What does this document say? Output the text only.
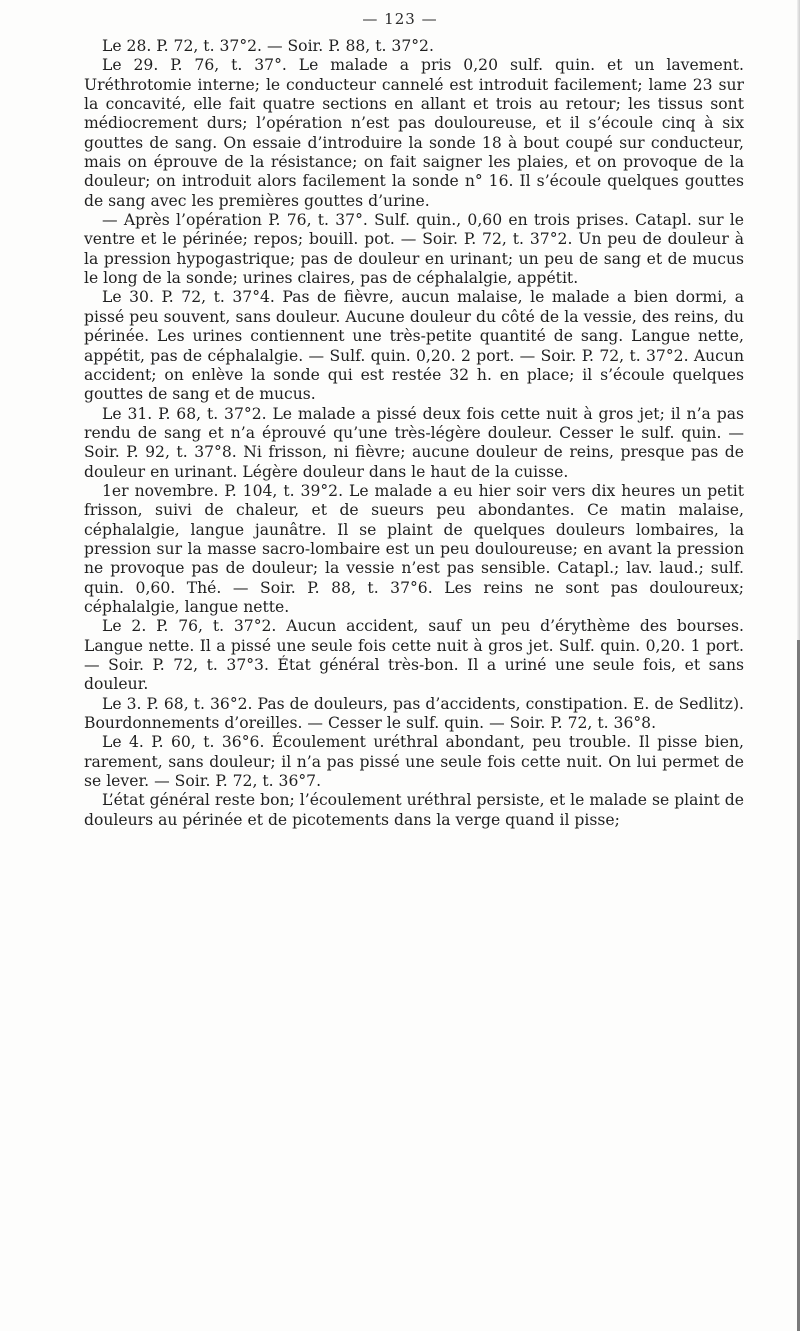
— 123 —

Le 28. P. 72, t. 37°2. — Soir. P. 88, t. 37°2.

Le 29. P. 76, t. 37°. Le malade a pris 0,20 sulf. quin. et un lavement. Uréthrotomie interne; le conducteur cannelé est introduit facilement; lame 23 sur la concavité, elle fait quatre sections en allant et trois au retour; les tissus sont médiocrement durs; l’opération n’est pas douloureuse, et il s’écoule cinq à six gouttes de sang. On essaie d’introduire la sonde 18 à bout coupé sur conducteur, mais on éprouve de la résistance; on fait saigner les plaies, et on provoque de la douleur; on introduit alors facilement la sonde n° 16. Il s’écoule quelques gouttes de sang avec les premières gouttes d’urine.

— Après l’opération P. 76, t. 37°. Sulf. quin., 0,60 en trois prises. Catapl. sur le ventre et le périnée; repos; bouill. pot. — Soir. P. 72, t. 37°2. Un peu de douleur à la pression hypogastrique; pas de douleur en urinant; un peu de sang et de mucus le long de la sonde; urines claires, pas de céphalalgie, appétit.

Le 30. P. 72, t. 37°4. Pas de fièvre, aucun malaise, le malade a bien dormi, a pissé peu souvent, sans douleur. Aucune douleur du côté de la vessie, des reins, du périnée. Les urines contiennent une très-petite quantité de sang. Langue nette, appétit, pas de céphalalgie. — Sulf. quin. 0,20. 2 port. — Soir. P. 72, t. 37°2. Aucun accident; on enlève la sonde qui est restée 32 h. en place; il s’écoule quelques gouttes de sang et de mucus.

Le 31. P. 68, t. 37°2. Le malade a pissé deux fois cette nuit à gros jet; il n’a pas rendu de sang et n’a éprouvé qu’une très-légère douleur. Cesser le sulf. quin. — Soir. P. 92, t. 37°8. Ni frisson, ni fièvre; aucune douleur de reins, presque pas de douleur en urinant. Légère douleur dans le haut de la cuisse.

1er novembre. P. 104, t. 39°2. Le malade a eu hier soir vers dix heures un petit frisson, suivi de chaleur, et de sueurs peu abondantes. Ce matin malaise, céphalalgie, langue jaunâtre. Il se plaint de quelques douleurs lombaires, la pression sur la masse sacro-lombaire est un peu douloureuse; en avant la pression ne provoque pas de douleur; la vessie n’est pas sensible. Catapl.; lav. laud.; sulf. quin. 0,60. Thé. — Soir. P. 88, t. 37°6. Les reins ne sont pas douloureux; céphalalgie, langue nette.

Le 2. P. 76, t. 37°2. Aucun accident, sauf un peu d’érythème des bourses. Langue nette. Il a pissé une seule fois cette nuit à gros jet. Sulf. quin. 0,20. 1 port. — Soir. P. 72, t. 37°3. État général très-bon. Il a uriné une seule fois, et sans douleur.

Le 3. P. 68, t. 36°2. Pas de douleurs, pas d’accidents, constipation. E. de Sedlitz). Bourdonnements d’oreilles. — Cesser le sulf. quin. — Soir. P. 72, t. 36°8.

Le 4. P. 60, t. 36°6. Écoulement uréthral abondant, peu trouble. Il pisse bien, rarement, sans douleur; il n’a pas pissé une seule fois cette nuit. On lui permet de se lever. — Soir. P. 72, t. 36°7.

L’état général reste bon; l’écoulement uréthral persiste, et le malade se plaint de douleurs au périnée et de picotements dans la verge quand il pisse;
